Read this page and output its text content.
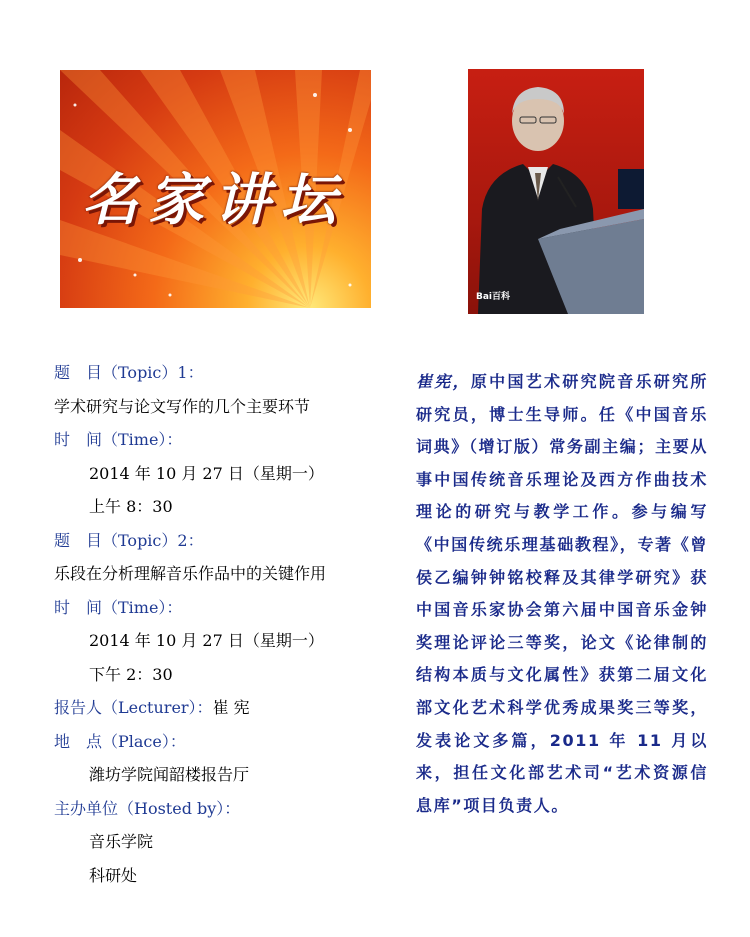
名家讲坛
Bai百科
题　目（Topic）1：
学术研究与论文写作的几个主要环节
时　间（Time）：
2014 年 10 月 27 日（星期一）
上午 8：30
题　目（Topic）2：
乐段在分析理解音乐作品中的关键作用
时　间（Time）：
2014 年 10 月 27 日（星期一）
下午 2：30
报告人（Lecturer）：崔 宪
地　点（Place）：
潍坊学院闻韶楼报告厅
主办单位（Hosted by）：
音乐学院
科研处
崔宪，原中国艺术研究院音乐研究所研究员，博士生导师。任《中国音乐词典》（增订版）常务副主编；主要从事中国传统音乐理论及西方作曲技术理论的研究与教学工作。参与编写《中国传统乐理基础教程》，专著《曾侯乙编钟钟铭校释及其律学研究》获中国音乐家协会第六届中国音乐金钟奖理论评论三等奖，论文《论律制的结构本质与文化属性》获第二届文化部文化艺术科学优秀成果奖三等奖，发表论文多篇，2011 年 11 月以来，担任文化部艺术司“艺术资源信息库”项目负责人。
